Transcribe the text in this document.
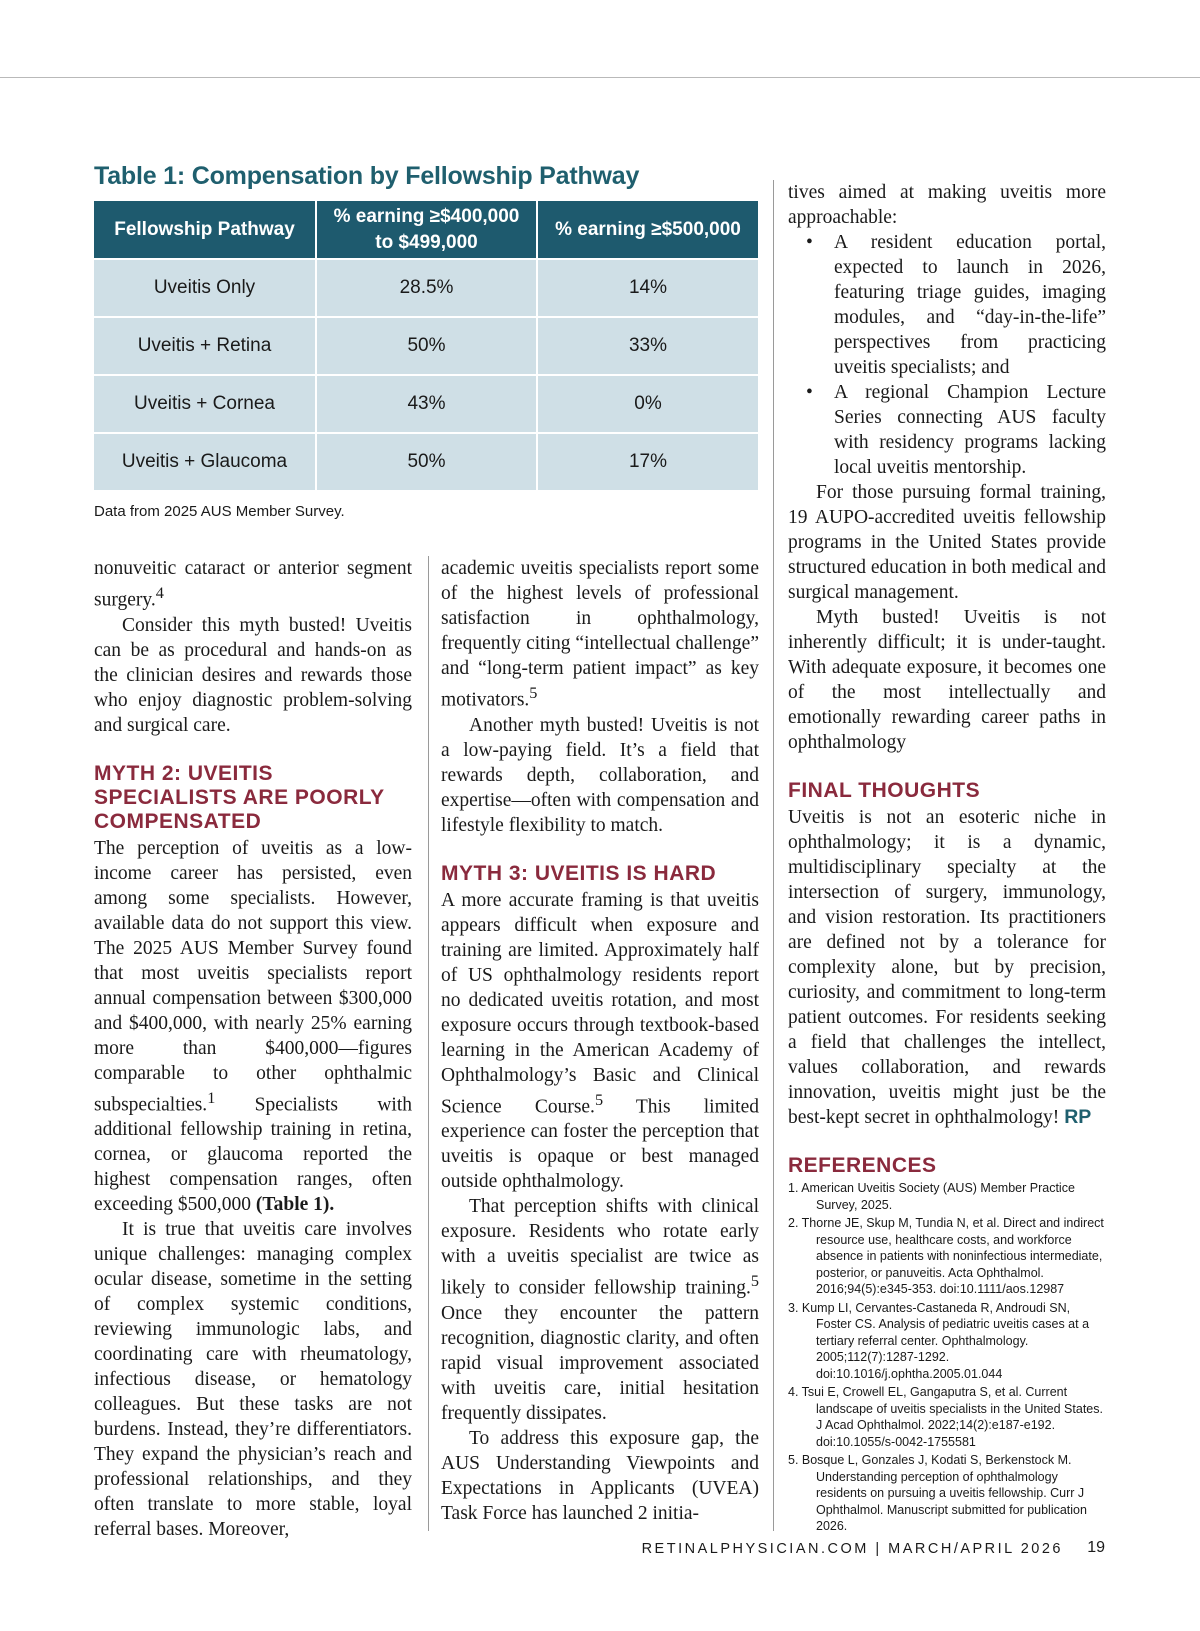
Table 1: Compensation by Fellowship Pathway
Fellowship Pathway	% earning ≥$400,000 to $499,000	% earning ≥$500,000
Uveitis Only	28.5%	14%
Uveitis + Retina	50%	33%
Uveitis + Cornea	43%	0%
Uveitis + Glaucoma	50%	17%
Data from 2025 AUS Member Survey.

nonuveitic cataract or anterior segment surgery.$^4$

Consider this myth busted! Uveitis can be as procedural and hands-on as the clinician desires and rewards those who enjoy diagnostic problem-solving and surgical care.

MYTH 2: UVEITIS SPECIALISTS ARE POORLY COMPENSATED

The perception of uveitis as a low-income career has persisted, even among some specialists. However, available data do not support this view. The 2025 AUS Member Survey found that most uveitis specialists report annual compensation between $300,000 and $400,000, with nearly 25% earning more than $400,000—figures comparable to other ophthalmic subspecialties.$^1$ Specialists with additional fellowship training in retina, cornea, or glaucoma reported the highest compensation ranges, often exceeding $500,000 (Table 1).

It is true that uveitis care involves unique challenges: managing complex ocular disease, sometime in the setting of complex systemic conditions, reviewing immunologic labs, and coordinating care with rheumatology, infectious disease, or hematology colleagues. But these tasks are not burdens. Instead, they’re differentiators. They expand the physician’s reach and professional relationships, and they often translate to more stable, loyal referral bases. Moreover,

academic uveitis specialists report some of the highest levels of professional satisfaction in ophthalmology, frequently citing “intellectual challenge” and “long-term patient impact” as key motivators.$^5$

Another myth busted! Uveitis is not a low-paying field. It’s a field that rewards depth, collaboration, and expertise—often with compensation and lifestyle flexibility to match.

MYTH 3: UVEITIS IS HARD

A more accurate framing is that uveitis appears difficult when exposure and training are limited. Approximately half of US ophthalmology residents report no dedicated uveitis rotation, and most exposure occurs through textbook-based learning in the American Academy of Ophthalmology’s Basic and Clinical Science Course.$^5$ This limited experience can foster the perception that uveitis is opaque or best managed outside ophthalmology.

That perception shifts with clinical exposure. Residents who rotate early with a uveitis specialist are twice as likely to consider fellowship training.$^5$ Once they encounter the pattern recognition, diagnostic clarity, and often rapid visual improvement associated with uveitis care, initial hesitation frequently dissipates.

To address this exposure gap, the AUS Understanding Viewpoints and Expectations in Applicants (UVEA) Task Force has launched 2 initia-

tives aimed at making uveitis more approachable:

• A resident education portal, expected to launch in 2026, featuring triage guides, imaging modules, and “day-in-the-life” perspectives from practicing uveitis specialists; and
• A regional Champion Lecture Series connecting AUS faculty with residency programs lacking local uveitis mentorship.

For those pursuing formal training, 19 AUPO-accredited uveitis fellowship programs in the United States provide structured education in both medical and surgical management.

Myth busted! Uveitis is not inherently difficult; it is under-taught. With adequate exposure, it becomes one of the most intellectually and emotionally rewarding career paths in ophthalmology

FINAL THOUGHTS

Uveitis is not an esoteric niche in ophthalmology; it is a dynamic, multidisciplinary specialty at the intersection of surgery, immunology, and vision restoration. Its practitioners are defined not by a tolerance for complexity alone, but by precision, curiosity, and commitment to long-term patient outcomes. For residents seeking a field that challenges the intellect, values collaboration, and rewards innovation, uveitis might just be the best-kept secret in ophthalmology! RP

REFERENCES
1. American Uveitis Society (AUS) Member Practice Survey, 2025.
2. Thorne JE, Skup M, Tundia N, et al. Direct and indirect resource use, healthcare costs, and workforce absence in patients with noninfectious intermediate, posterior, or panuveitis. Acta Ophthalmol. 2016;94(5):e345-353. doi:10.1111/aos.12987
3. Kump LI, Cervantes-Castaneda R, Androudi SN, Foster CS. Analysis of pediatric uveitis cases at a tertiary referral center. Ophthalmology. 2005;112(7):1287-1292. doi:10.1016/j.ophtha.2005.01.044
4. Tsui E, Crowell EL, Gangaputra S, et al. Current landscape of uveitis specialists in the United States. J Acad Ophthalmol. 2022;14(2):e187-e192. doi:10.1055/s-0042-1755581
5. Bosque L, Gonzales J, Kodati S, Berkenstock M. Understanding perception of ophthalmology residents on pursuing a uveitis fellowship. Curr J Ophthalmol. Manuscript submitted for publication 2026.
RETINALPHYSICIAN.COM | MARCH/APRIL 2026 19
